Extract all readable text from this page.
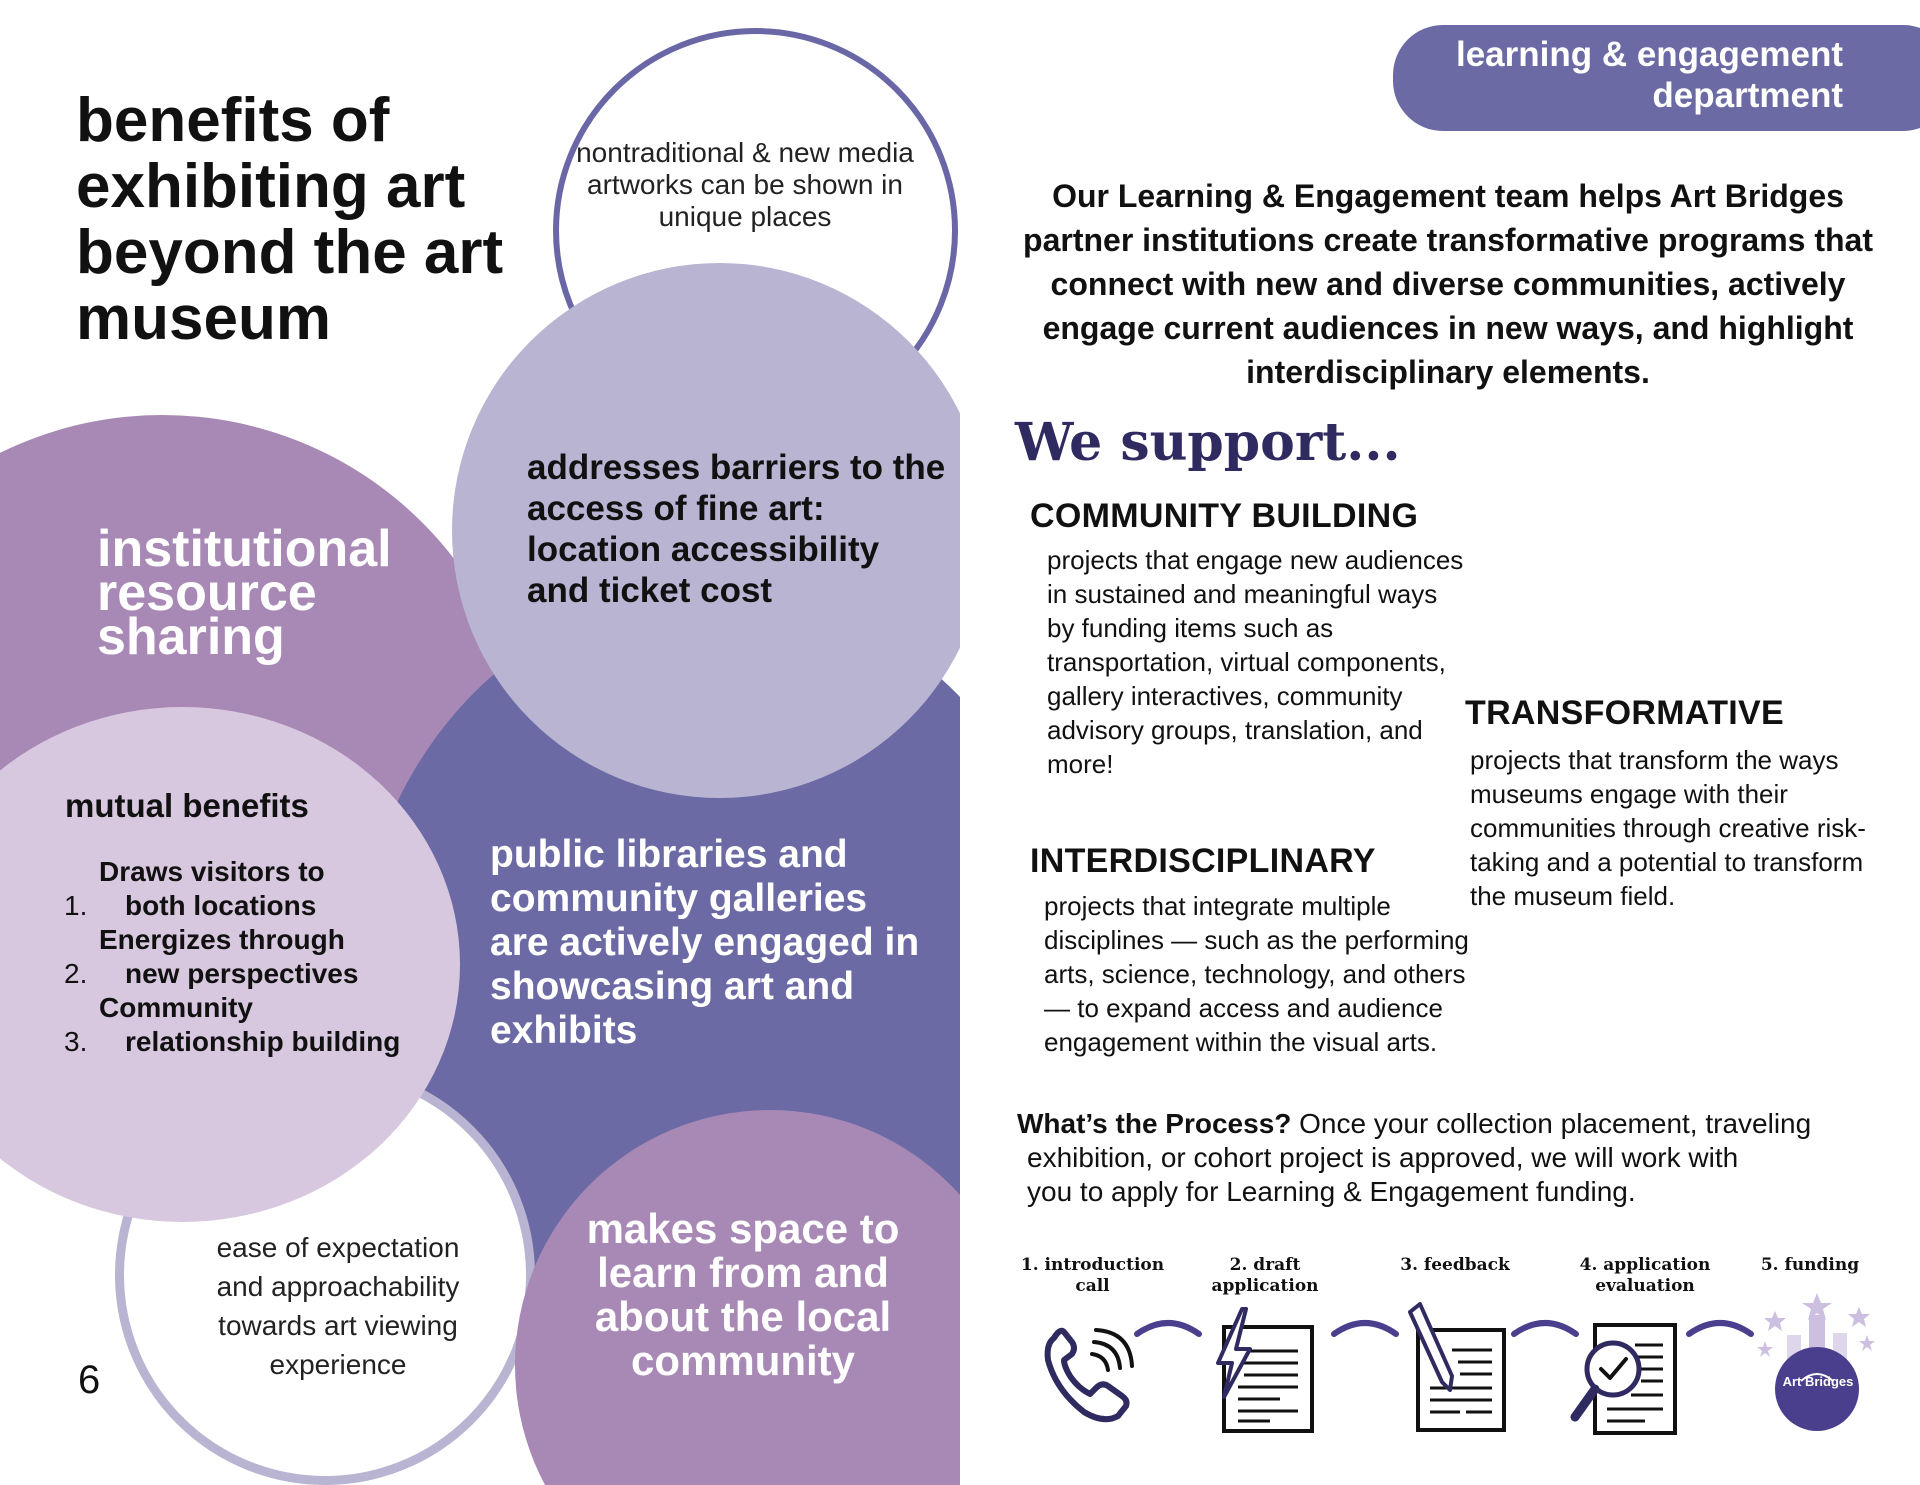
benefits of exhibiting art beyond the art museum
nontraditional & new media artworks can be shown in unique places
addresses barriers to the access of fine art: location accessibility and ticket cost
institutional resource sharing
public libraries and community galleries are actively engaged in showcasing art and exhibits
ease of expectation and approachability towards art viewing experience
makes space to learn from and about the local community
mutual benefits
1.
Draws visitors to
both locations
2.
Energizes through
new perspectives
3.
Community
relationship building
6
learning & engagement department

Our Learning & Engagement team helps Art Bridges partner institutions create transformative programs that connect with new and diverse communities, actively engage current audiences in new ways, and highlight interdisciplinary elements.

We support...
COMMUNITY BUILDING

projects that engage new audiences in sustained and meaningful ways by funding items such as transportation, virtual components, gallery interactives, community advisory groups, translation, and more!

TRANSFORMATIVE

projects that transform the ways museums engage with their communities through creative risk-taking and a potential to transform the museum field.

INTERDISCIPLINARY

projects that integrate multiple disciplines — such as the performing arts, science, technology, and others — to expand access and audience engagement within the visual arts.

What’s the Process? Once your collection placement, traveling
exhibition, or cohort project is approved, we will work with
you to apply for Learning & Engagement funding.
1. introduction call
2. draft application
3. feedback	4. application evaluation
5. funding
Art Bridges
